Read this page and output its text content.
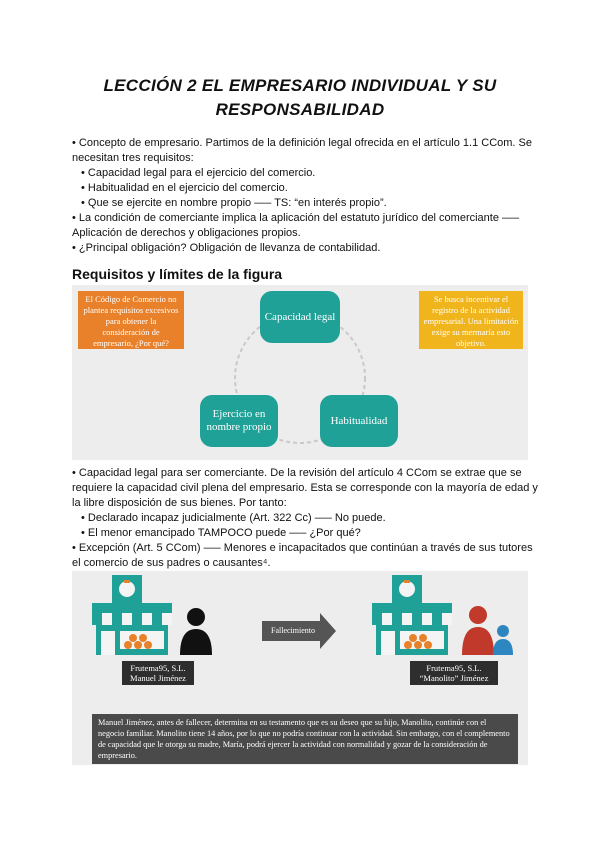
LECCIÓN 2 EL EMPRESARIO INDIVIDUAL Y SU
RESPONSABILIDAD

• Concepto de empresario. Partimos de la definición legal ofrecida en el artículo 1.1 CCom. Se necesitan tres requisitos:

• Capacidad legal para el ejercicio del comercio.

• Habitualidad en el ejercicio del comercio.

• Que se ejercite en nombre propio —– TS: “en interés propio”.

• La condición de comerciante implica la aplicación del estatuto jurídico del comerciante —– Aplicación de derechos y obligaciones propios.

• ¿Principal obligación? Obligación de llevanza de contabilidad.

Requisitos y límites de la figura
El Código de Comercio no plantea requisitos excesivos para obtener la consideración de empresario, ¿Por qué?
Se busca incentivar el registro de la actividad empresarial. Una limitación exige su mermaría esto objetivo.
Capacidad legal
Ejercicio en nombre propio
Habitualidad

• Capacidad legal para ser comerciante. De la revisión del artículo 4 CCom se extrae que se requiere la capacidad civil plena del empresario. Esta se corresponde con la mayoría de edad y la libre disposición de sus bienes. Por tanto:

• Declarado incapaz judicialmente (Art. 322 Cc) —– No puede.

• El menor emancipado TAMPOCO puede —– ¿Por qué?

• Excepción (Art. 5 CCom) —– Menores e incapacitados que continúan a través de sus tutores el comercio de sus padres o causantes⁴.

Fallecimiento
Frutema95, S.L.
Manuel Jiménez
Frutema95, S.L.
“Manolito” Jiménez
Manuel Jiménez, antes de fallecer, determina en su testamento que es su deseo que su hijo, Manolito, continúe con el negocio familiar. Manolito tiene 14 años, por lo que no podría continuar con la actividad. Sin embargo, con el complemento de capacidad que le otorga su madre, María, podrá ejercer la actividad con normalidad y gozar de la consideración de empresario.
